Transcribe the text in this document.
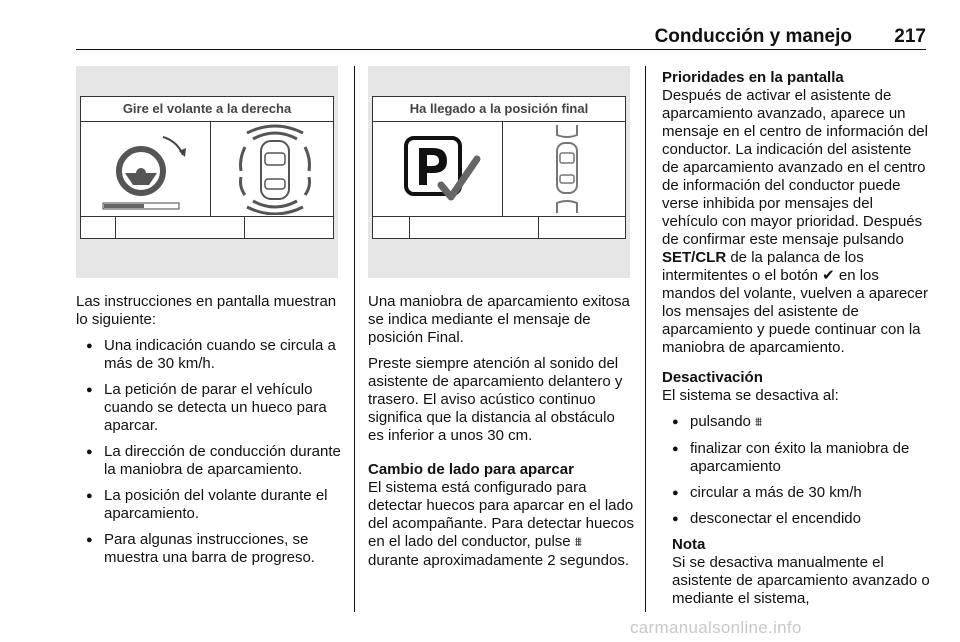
Conducción y manejo 217
Gire el volante a la derecha	Ha llegado a la posición final

Las instrucciones en pantalla muestran lo siguiente:

● Una indicación cuando se circula a más de 30 km/h.
● La petición de parar el vehículo cuando se detecta un hueco para aparcar.
● La dirección de conducción durante la maniobra de aparcamiento.
● La posición del volante durante el aparcamiento.
● Para algunas instrucciones, se muestra una barra de progreso.

Una maniobra de aparcamiento exitosa se indica mediante el mensaje de posición Final.

Preste siempre atención al sonido del asistente de aparcamiento delantero y trasero. El aviso acústico continuo significa que la distancia al obstáculo es inferior a unos 30 cm.

Cambio de lado para aparcar

El sistema está configurado para detectar huecos para aparcar en el lado del acompañante. Para detectar huecos en el lado del conductor, pulse ⩩ durante aproximadamente 2 segundos.

Prioridades en la pantalla

Después de activar el asistente de aparcamiento avanzado, aparece un mensaje en el centro de información del conductor. La indicación del asistente de aparcamiento avanzado en el centro de información del conductor puede verse inhibida por mensajes del vehículo con mayor prioridad. Después de confirmar este mensaje pulsando SET/CLR de la palanca de los intermitentes o el botón ✔ en los mandos del volante, vuelven a aparecer los mensajes del asistente de aparcamiento y puede continuar con la maniobra de aparcamiento.

Desactivación

El sistema se desactiva al:

● pulsando ⩩
● finalizar con éxito la maniobra de aparcamiento
● circular a más de 30 km/h
● desconectar el encendido
Nota
Si se desactiva manualmente el asistente de aparcamiento avanzado o mediante el sistema,
carmanualsonline.info
